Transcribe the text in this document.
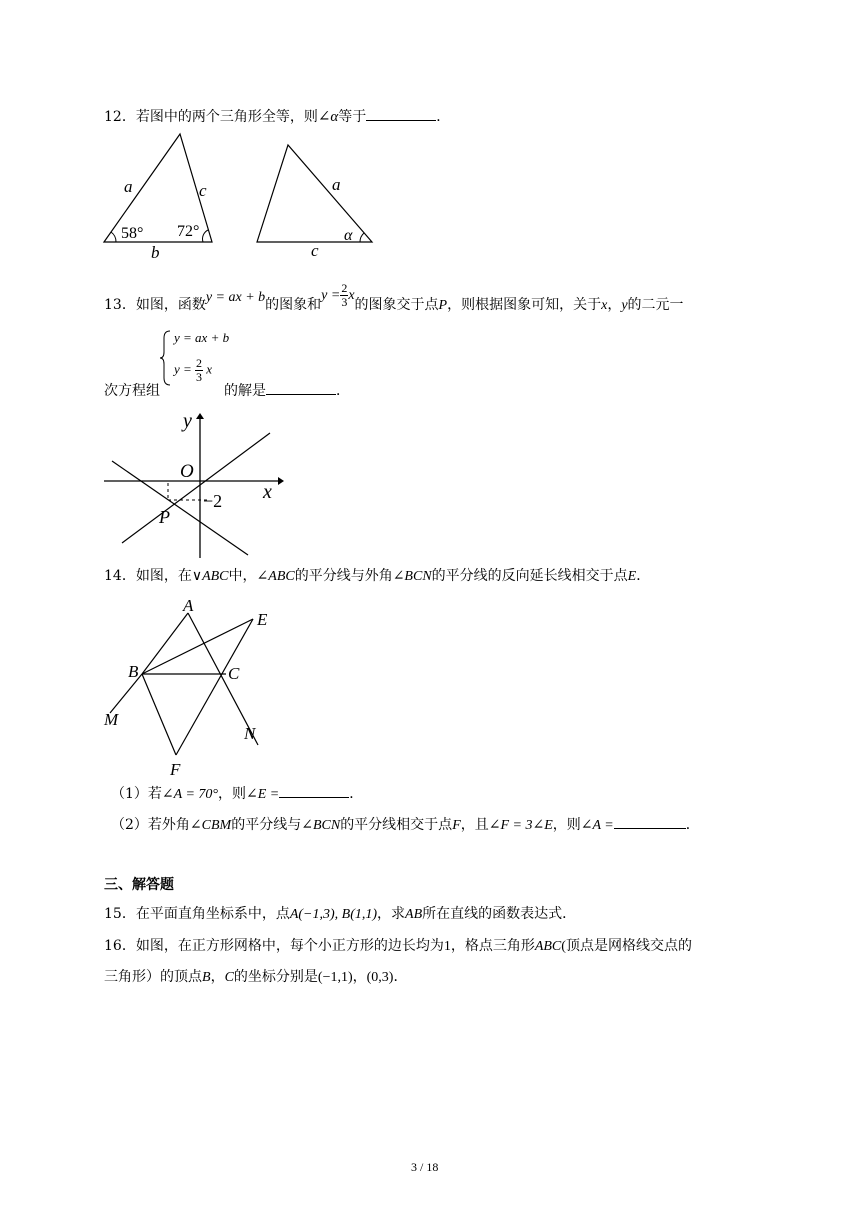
12．若图中的两个三角形全等，则∠α等于	．
a	c
58° 72°
b
a
α
c
13．如图，函数y = ax + b的图象和$y = \frac{2}{3}$ x的图象交于点P，则根据图象可知，关于x，y的二元一
y = ax + b
$y = \frac{2}{3}$ x
次方程组	的解是	．
y
O
x
P
−2
14．如图，在∨ABC中，∠ABC的平分线与外角∠BCN的平分线的反向延长线相交于点E．
A
E
B	C
M
N
F
（1）若∠A = 70°，则∠E =	．
（2）若外角∠CBM的平分线与∠BCN的平分线相交于点F，且∠F = 3∠E，则∠A =	．
三、解答题
15．在平面直角坐标系中，点A(−1,3), B(1,1)，求AB所在直线的函数表达式．
16．如图，在正方形网格中，每个小正方形的边长均为1，格点三角形ABC(顶点是网格线交点的
三角形）的顶点B，C的坐标分别是(−1,1)，(0,3)．
3 / 18
